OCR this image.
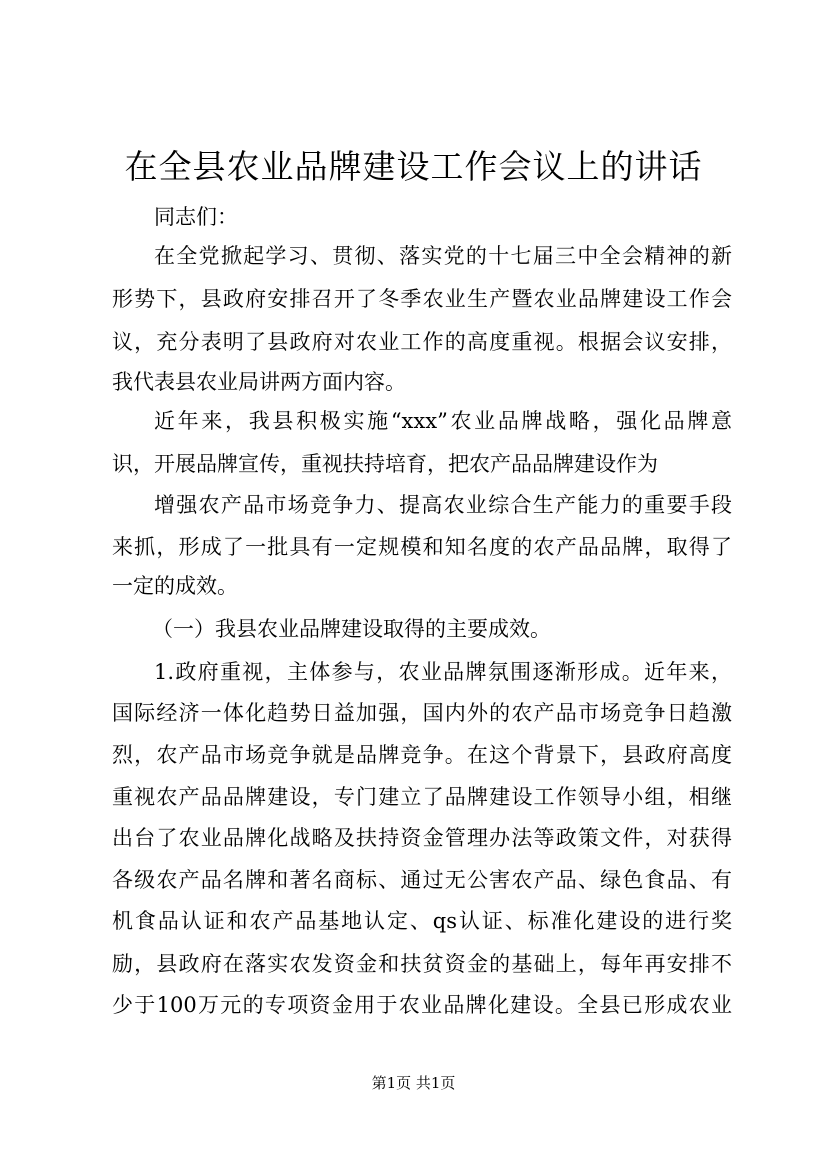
在全县农业品牌建设工作会议上的讲话
同志们：
在全党掀起学习、贯彻、落实党的十七届三中全会精神的新
形势下，县政府安排召开了冬季农业生产暨农业品牌建设工作会
议，充分表明了县政府对农业工作的高度重视。根据会议安排，
我代表县农业局讲两方面内容。
近年来，我县积极实施“xxx”农业品牌战略，强化品牌意
识，开展品牌宣传，重视扶持培育，把农产品品牌建设作为
增强农产品市场竞争力、提高农业综合生产能力的重要手段
来抓，形成了一批具有一定规模和知名度的农产品品牌，取得了
一定的成效。
（一）我县农业品牌建设取得的主要成效。
1.政府重视，主体参与，农业品牌氛围逐渐形成。近年来，
国际经济一体化趋势日益加强，国内外的农产品市场竞争日趋激
烈，农产品市场竞争就是品牌竞争。在这个背景下，县政府高度
重视农产品品牌建设，专门建立了品牌建设工作领导小组，相继
出台了农业品牌化战略及扶持资金管理办法等政策文件，对获得
各级农产品名牌和著名商标、通过无公害农产品、绿色食品、有
机食品认证和农产品基地认定、qs认证、标准化建设的进行奖
励，县政府在落实农发资金和扶贫资金的基础上，每年再安排不
少于100万元的专项资金用于农业品牌化建设。全县已形成农业
第1页 共1页
